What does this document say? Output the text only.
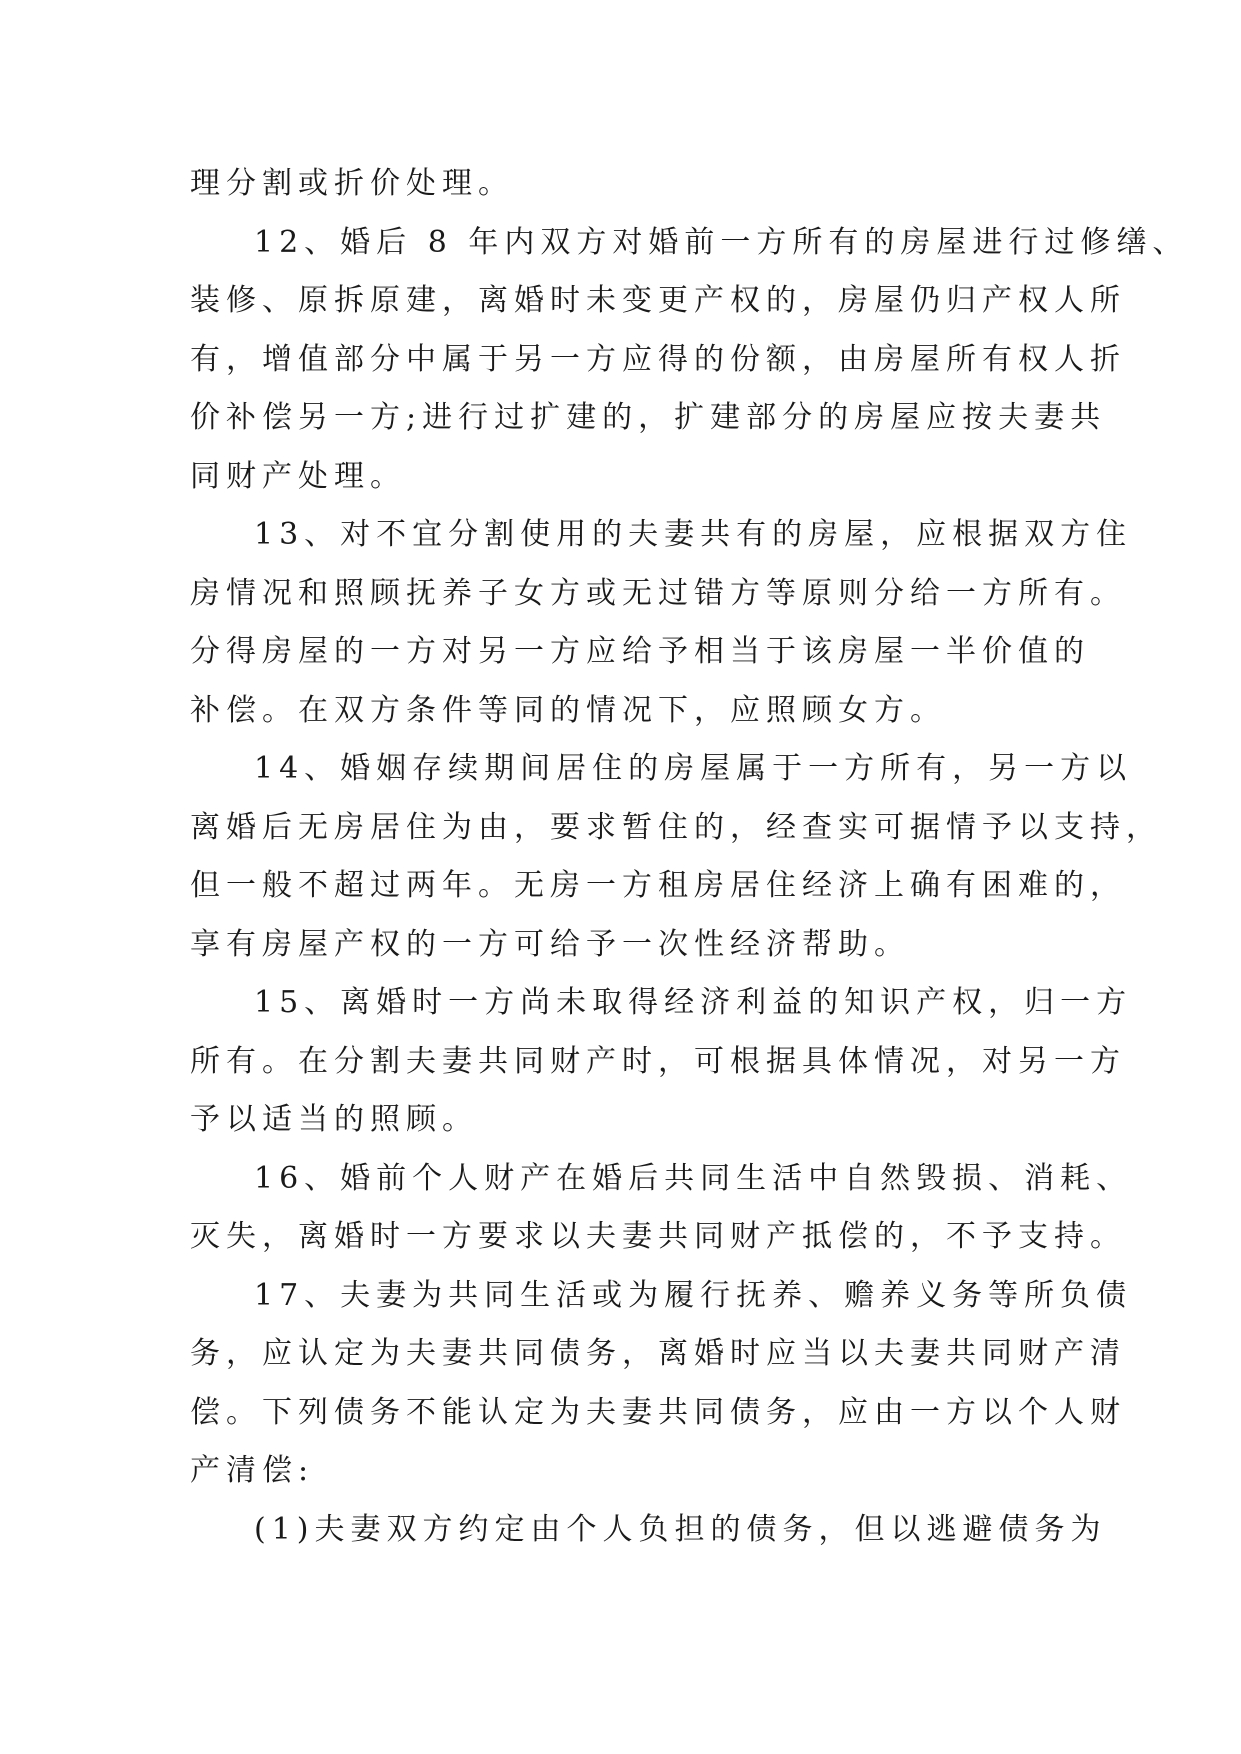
理分割或折价处理。
12、婚后 8 年内双方对婚前一方所有的房屋进行过修缮、
装修、原拆原建，离婚时未变更产权的，房屋仍归产权人所
有，增值部分中属于另一方应得的份额，由房屋所有权人折
价补偿另一方;进行过扩建的，扩建部分的房屋应按夫妻共
同财产处理。
13、对不宜分割使用的夫妻共有的房屋，应根据双方住
房情况和照顾抚养子女方或无过错方等原则分给一方所有。
分得房屋的一方对另一方应给予相当于该房屋一半价值的
补偿。在双方条件等同的情况下，应照顾女方。
14、婚姻存续期间居住的房屋属于一方所有，另一方以
离婚后无房居住为由，要求暂住的，经查实可据情予以支持，
但一般不超过两年。无房一方租房居住经济上确有困难的，
享有房屋产权的一方可给予一次性经济帮助。
15、离婚时一方尚未取得经济利益的知识产权，归一方
所有。在分割夫妻共同财产时，可根据具体情况，对另一方
予以适当的照顾。
16、婚前个人财产在婚后共同生活中自然毁损、消耗、
灭失，离婚时一方要求以夫妻共同财产抵偿的，不予支持。
17、夫妻为共同生活或为履行抚养、赡养义务等所负债
务，应认定为夫妻共同债务，离婚时应当以夫妻共同财产清
偿。下列债务不能认定为夫妻共同债务，应由一方以个人财
产清偿:
(1)夫妻双方约定由个人负担的债务，但以逃避债务为
